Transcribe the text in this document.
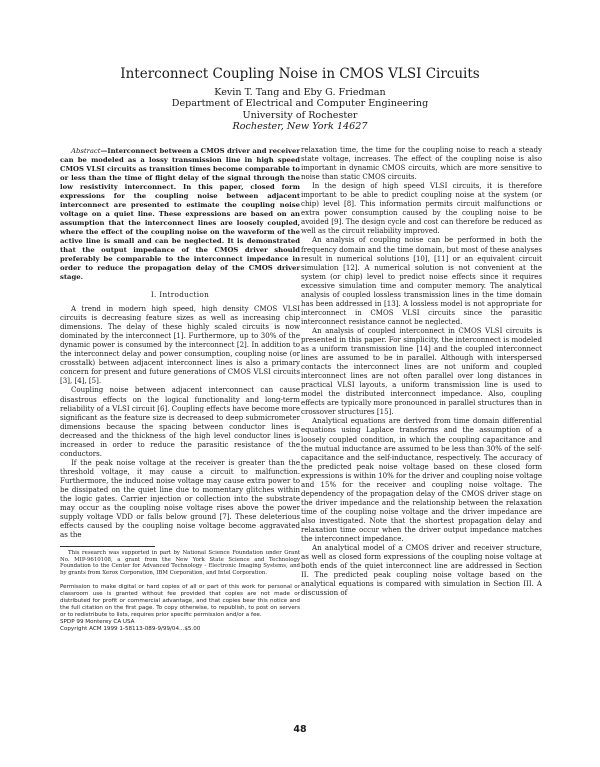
Interconnect Coupling Noise in CMOS VLSI Circuits
Kevin T. Tang and Eby G. Friedman
Department of Electrical and Computer Engineering
University of Rochester
Rochester, New York 14627

Abstract—Interconnect between a CMOS driver and receiver can be modeled as a lossy transmission line in high speed CMOS VLSI circuits as transition times become comparable to or less than the time of flight delay of the signal through the low resistivity interconnect. In this paper, closed form expressions for the coupling noise between adjacent interconnect are presented to estimate the coupling noise voltage on a quiet line. These expressions are based on an assumption that the interconnect lines are loosely coupled, where the effect of the coupling noise on the waveform of the active line is small and can be neglected. It is demonstrated that the output impedance of the CMOS driver should preferably be comparable to the interconnect impedance in order to reduce the propagation delay of the CMOS driver stage.

I. Introduction

A trend in modern high speed, high density CMOS VLSI circuits is decreasing feature sizes as well as increasing chip dimensions. The delay of these highly scaled circuits is now dominated by the interconnect [1]. Furthermore, up to 30% of the dynamic power is consumed by the interconnect [2]. In addition to the interconnect delay and power consumption, coupling noise (or crosstalk) between adjacent interconnect lines is also a primary concern for present and future generations of CMOS VLSI circuits [3], [4], [5].

Coupling noise between adjacent interconnect can cause disastrous effects on the logical functionality and long-term reliability of a VLSI circuit [6]. Coupling effects have become more significant as the feature size is decreased to deep submicrometer dimensions because the spacing between conductor lines is decreased and the thickness of the high level conductor lines is increased in order to reduce the parasitic resistance of the conductors.

If the peak noise voltage at the receiver is greater than the threshold voltage, it may cause a circuit to malfunction. Furthermore, the induced noise voltage may cause extra power to be dissipated on the quiet line due to momentary glitches within the logic gates. Carrier injection or collection into the substrate may occur as the coupling noise voltage rises above the power supply voltage VDD or falls below ground [7]. These deleterious effects caused by the coupling noise voltage become aggravated as the

This research was supported in part by National Science Foundation under Grant No. MIP-9610108, a grant from the New York State Science and Technology Foundation to the Center for Advanced Technology - Electronic Imaging Systems, and by grants from Xerox Corporation, IBM Corporation, and Intel Corporation.

Permission to make digital or hard copies of all or part of this work for personal or classroom use is granted without fee provided that copies are not made or distributed for profit or commercial advantage, and that copies bear this notice and the full citation on the first page. To copy otherwise, to republish, to post on servers or to redistribute to lists, requires prior specific permission and/or a fee.

SPDP 99 Monterey CA USA

Copyright ACM 1999 1-58113-089-9/99/04...$5.00

relaxation time, the time for the coupling noise to reach a steady state voltage, increases. The effect of the coupling noise is also important in dynamic CMOS circuits, which are more sensitive to noise than static CMOS circuits.

In the design of high speed VLSI circuits, it is therefore important to be able to predict coupling noise at the system (or chip) level [8]. This information permits circuit malfunctions or extra power consumption caused by the coupling noise to be avoided [9]. The design cycle and cost can therefore be reduced as well as the circuit reliability improved.

An analysis of coupling noise can be performed in both the frequency domain and the time domain, but most of these analyses result in numerical solutions [10], [11] or an equivalent circuit simulation [12]. A numerical solution is not convenient at the system (or chip) level to predict noise effects since it requires excessive simulation time and computer memory. The analytical analysis of coupled lossless transmission lines in the time domain has been addressed in [13]. A lossless model is not appropriate for interconnect in CMOS VLSI circuits since the parasitic interconnect resistance cannot be neglected.

An analysis of coupled interconnect in CMOS VLSI circuits is presented in this paper. For simplicity, the interconnect is modeled as a uniform transmission line [14] and the coupled interconnect lines are assumed to be in parallel. Although with interspersed contacts the interconnect lines are not uniform and coupled interconnect lines are not often parallel over long distances in practical VLSI layouts, a uniform transmission line is used to model the distributed interconnect impedance. Also, coupling effects are typically more pronounced in parallel structures than in crossover structures [15].

Analytical equations are derived from time domain differential equations using Laplace transforms and the assumption of a loosely coupled condition, in which the coupling capacitance and the mutual inductance are assumed to be less than 30% of the self-capacitance and the self-inductance, respectively. The accuracy of the predicted peak noise voltage based on these closed form expressions is within 10% for the driver and coupling noise voltage and 15% for the receiver and coupling noise voltage. The dependency of the propagation delay of the CMOS driver stage on the driver impedance and the relationship between the relaxation time of the coupling noise voltage and the driver impedance are also investigated. Note that the shortest propagation delay and relaxation time occur when the driver output impedance matches the interconnect impedance.

An analytical model of a CMOS driver and receiver structure, as well as closed form expressions of the coupling noise voltage at both ends of the quiet interconnect line are addressed in Section II. The predicted peak coupling noise voltage based on the analytical equations is compared with simulation in Section III. A discussion of

48
